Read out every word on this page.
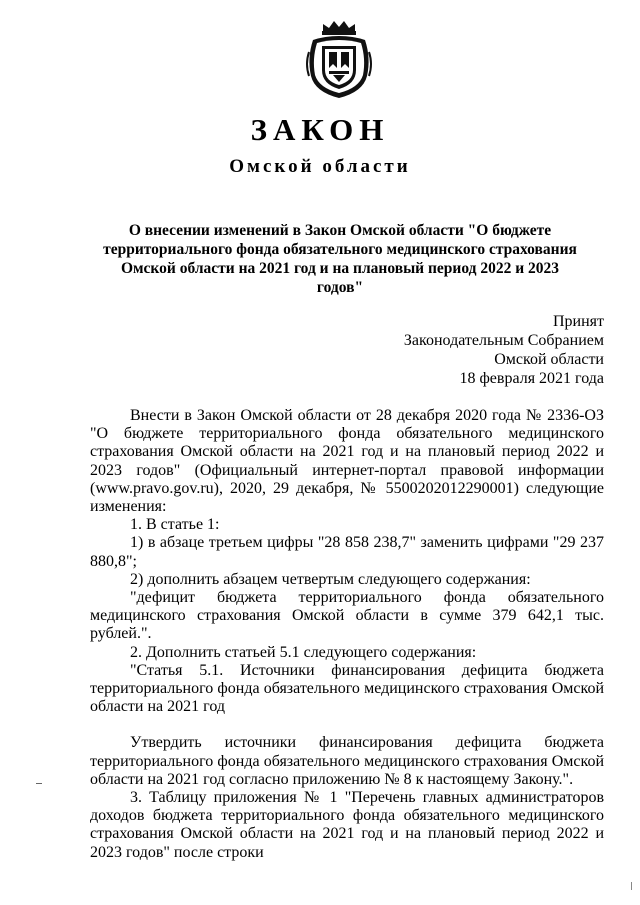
ЗАКОН
Омской области
О внесении изменений в Закон Омской области "О бюджете
территориального фонда обязательного медицинского страхования
Омской области на 2021 год и на плановый период 2022 и 2023 годов"
Принят
Законодательным Собранием
Омской области
18 февраля 2021 года

Внести в Закон Омской области от 28 декабря 2020 года № 2336-ОЗ "О бюджете территориального фонда обязательного медицинского страхования Омской области на 2021 год и на плановый период 2022 и 2023 годов" (Официальный интернет-портал правовой информации (www.pravo.gov.ru), 2020, 29 декабря, № 5500202012290001) следующие изменения:

1. В статье 1:

1) в абзаце третьем цифры "28 858 238,7" заменить цифрами "29 237 880,8";

2) дополнить абзацем четвертым следующего содержания:

"дефицит бюджета территориального фонда обязательного медицинского страхования Омской области в сумме 379 642,1 тыс. рублей.".

2. Дополнить статьей 5.1 следующего содержания:

"Статья 5.1. Источники финансирования дефицита бюджета территориального фонда обязательного медицинского страхования Омской области на 2021 год

Утвердить источники финансирования дефицита бюджета территориального фонда обязательного медицинского страхования Омской области на 2021 год согласно приложению № 8 к настоящему Закону.".

3. Таблицу приложения № 1 "Перечень главных администраторов доходов бюджета территориального фонда обязательного медицинского страхования Омской области на 2021 год и на плановый период 2022 и 2023 годов" после строки
